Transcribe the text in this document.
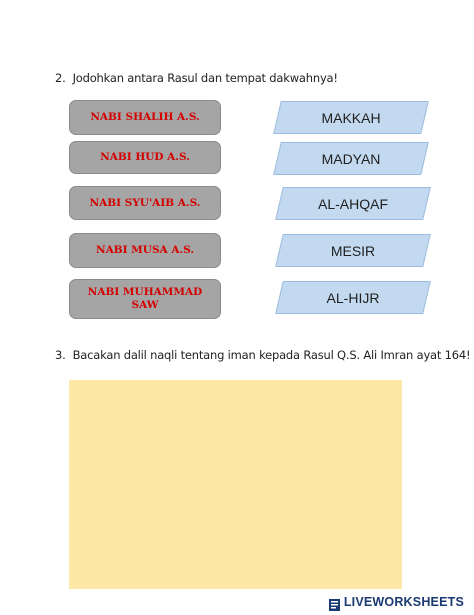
2. Jodohkan antara Rasul dan tempat dakwahnya!
NABI SHALIH A.S.
NABI HUD A.S.
NABI SYU'AIB A.S.
NABI MUSA A.S.
NABI MUHAMMAD SAW
MAKKAH
MADYAN
AL-AHQAF
MESIR
AL-HIJR
3. Bacakan dalil naqli tentang iman kepada Rasul Q.S. Ali Imran ayat 164!
LIVEWORKSHEETS
